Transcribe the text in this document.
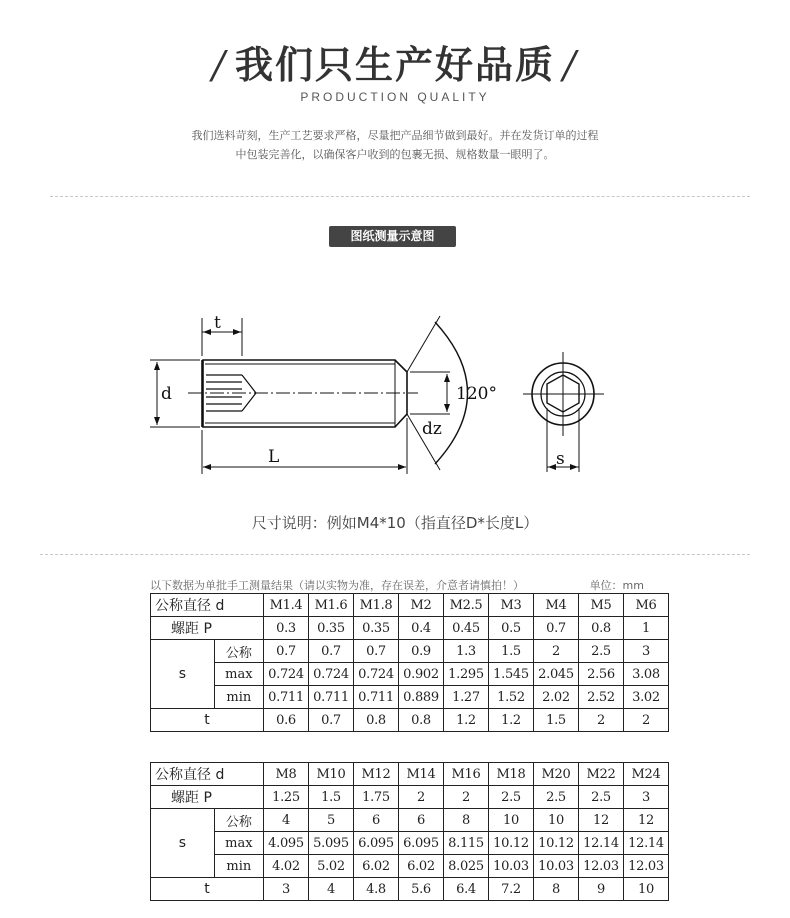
/ 我们只生产好品质 /
PRODUCTION QUALITY
我们选料苛刻，生产工艺要求严格，尽量把产品细节做到最好。并在发货订单的过程
中包装完善化，以确保客户收到的包裹无损、规格数量一眼明了。
图纸测量示意图
t
d
L
120°
dz
s
尺寸说明：例如M4*10（指直径D*长度L）
以下数据为单批手工测量结果（请以实物为准，存在误差，介意者请慎拍！）	单位：mm
公称直径 d		M1.4	M1.6	M1.8	M2	M2.5	M3	M4	M5	M6
螺距 P		0.3	0.35	0.35	0.4	0.45	0.5	0.7	0.8	1
s	公称	0.7	0.7	0.7	0.9	1.3	1.5	2	2.5	3
	max	0.724	0.724	0.724	0.902	1.295	1.545	2.045	2.56	3.08
	min	0.711	0.711	0.711	0.889	1.27	1.52	2.02	2.52	3.02
t		0.6	0.7	0.8	0.8	1.2	1.2	1.5	2	2
公称直径 d		M8	M10	M12	M14	M16	M18	M20	M22	M24
螺距 P		1.25	1.5	1.75	2	2	2.5	2.5	2.5	3
s	公称	4	5	6	6	8	10	10	12	12
	max	4.095	5.095	6.095	6.095	8.115	10.12	10.12	12.14	12.14
	min	4.02	5.02	6.02	6.02	8.025	10.03	10.03	12.03	12.03
t		3	4	4.8	5.6	6.4	7.2	8	9	10
